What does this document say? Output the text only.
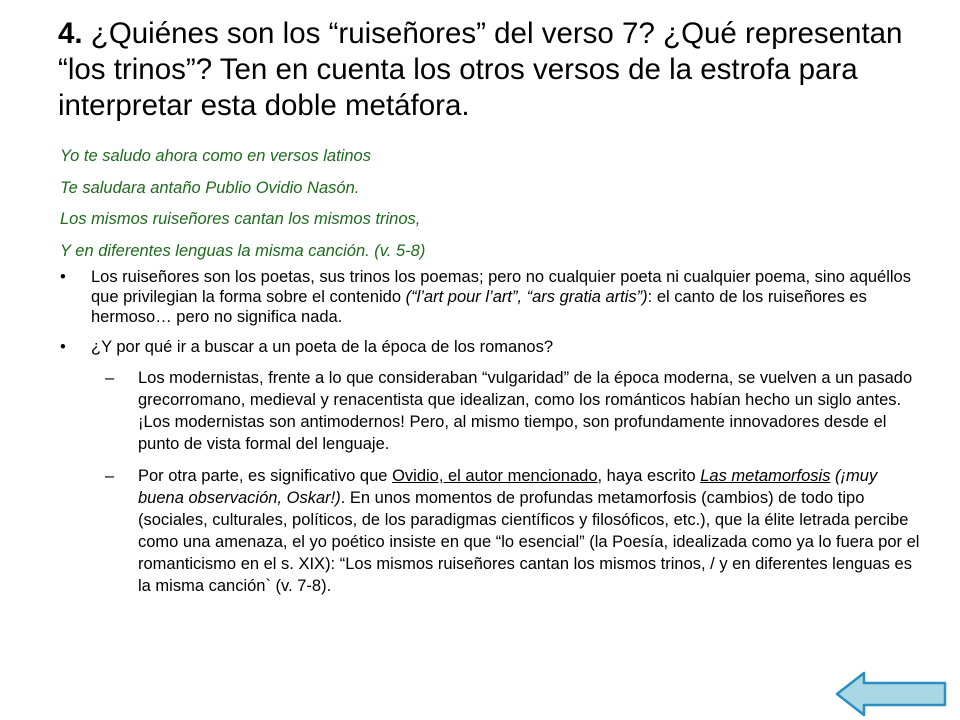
4. ¿Quiénes son los “ruiseñores” del verso 7? ¿Qué representan “los trinos”? Ten en cuenta los otros versos de la estrofa para interpretar esta doble metáfora.

Yo te saludo ahora como en versos latinos

Te saludara antaño Publio Ovidio Nasón.

Los mismos ruiseñores cantan los mismos trinos,

Y en diferentes lenguas la misma canción. (v. 5-8)

• Los ruiseñores son los poetas, sus trinos los poemas; pero no cualquier poeta ni cualquier poema, sino aquéllos que privilegian la forma sobre el contenido (“l’art pour l’art”, “ars gratia artis”): el canto de los ruiseñores es hermoso… pero no significa nada.

• ¿Y por qué ir a buscar a un poeta de la época de los romanos?

– Los modernistas, frente a lo que consideraban “vulgaridad” de la época moderna, se vuelven a un pasado grecorromano, medieval y renacentista que idealizan, como los románticos habían hecho un siglo antes. ¡Los modernistas son antimodernos! Pero, al mismo tiempo, son profundamente innovadores desde el punto de vista formal del lenguaje.

– Por otra parte, es significativo que Ovidio, el autor mencionado, haya escrito Las metamorfosis (¡muy buena observación, Oskar!). En unos momentos de profundas metamorfosis (cambios) de todo tipo (sociales, culturales, políticos, de los paradigmas científicos y filosóficos, etc.), que la élite letrada percibe como una amenaza, el yo poético insiste en que “lo esencial” (la Poesía, idealizada como ya lo fuera por el romanticismo en el s. XIX): “Los mismos ruiseñores cantan los mismos trinos, / y en diferentes lenguas es la misma canción` (v. 7-8).
